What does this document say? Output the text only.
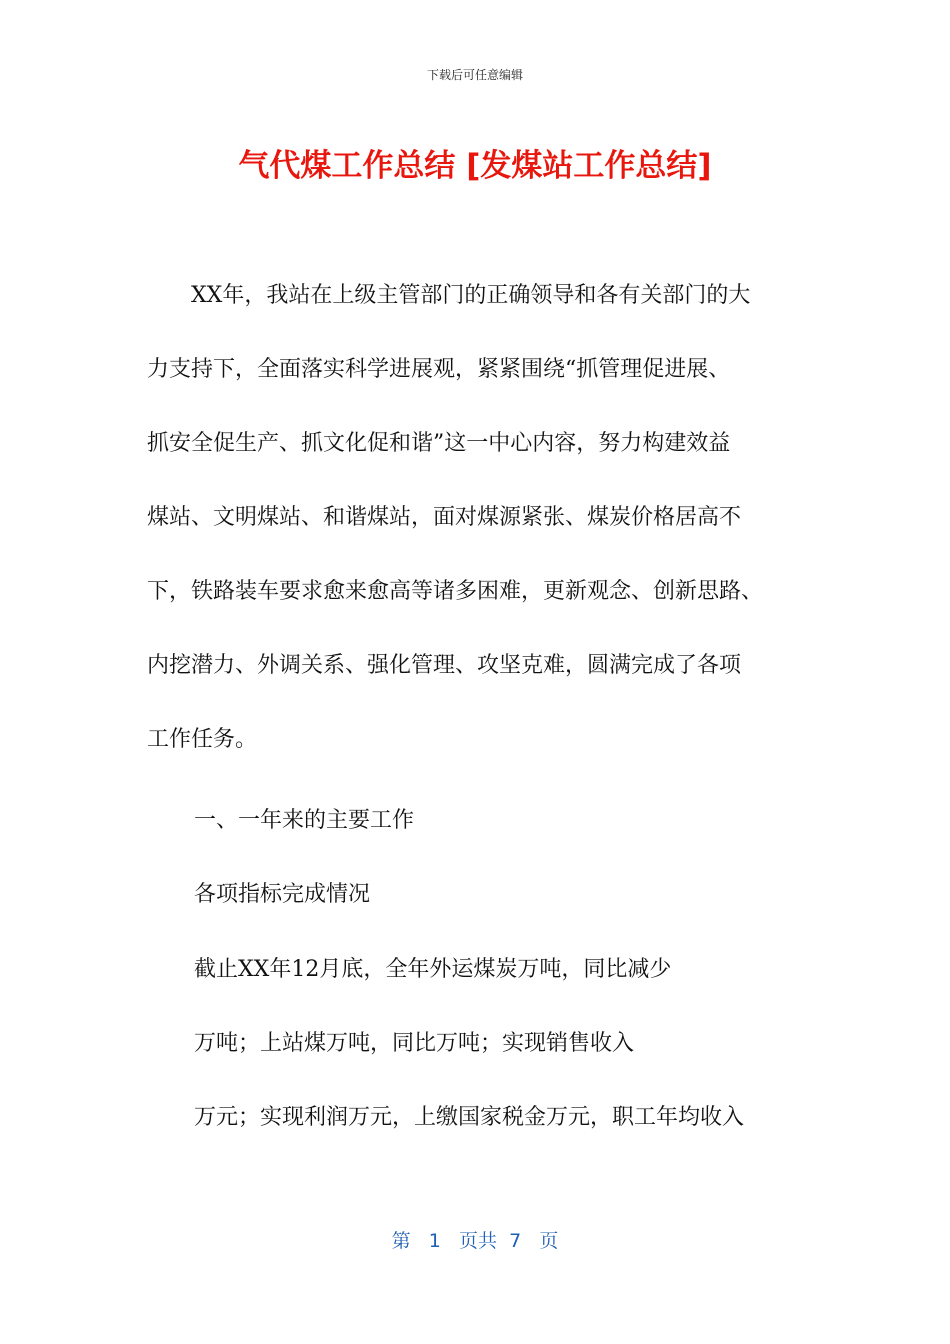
下载后可任意编辑
气代煤工作总结 [发煤站工作总结]
　　XX年，我站在上级主管部门的正确领导和各有关部门的大
力支持下，全面落实科学进展观，紧紧围绕“抓管理促进展、
抓安全促生产、抓文化促和谐”这一中心内容，努力构建效益
煤站、文明煤站、和谐煤站，面对煤源紧张、煤炭价格居高不
下，铁路装车要求愈来愈高等诸多困难，更新观念、创新思路、
内挖潜力、外调关系、强化管理、攻坚克难，圆满完成了各项
工作任务。

一、一年来的主要工作

各项指标完成情况

截止XX年12月底，全年外运煤炭万吨，同比减少

万吨；上站煤万吨，同比万吨；实现销售收入

万元；实现利润万元，上缴国家税金万元，职工年均收入

第 1 页共 7 页
